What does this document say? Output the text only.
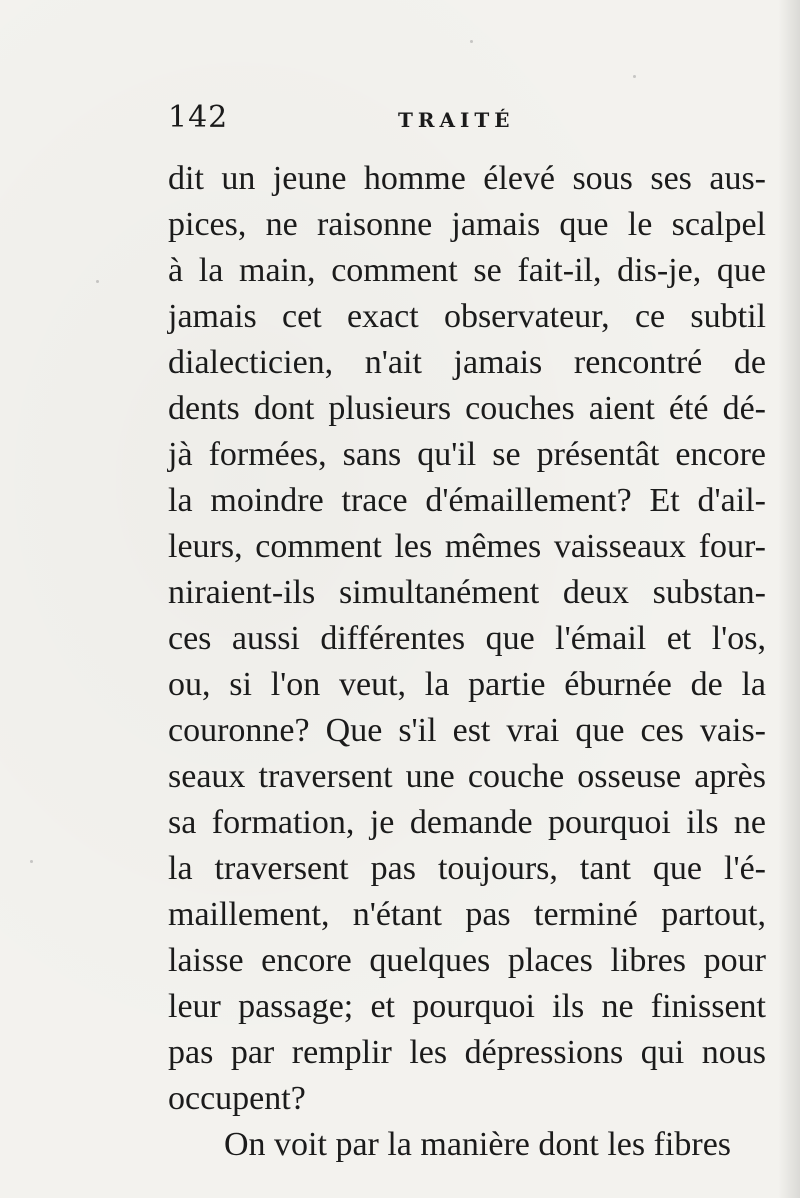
142	TRAITÉ
dit un jeune homme élevé sous ses aus-
pices, ne raisonne jamais que le scalpel
à la main, comment se fait-il, dis-je, que
jamais cet exact observateur, ce subtil
dialecticien, n'ait jamais rencontré de
dents dont plusieurs couches aient été dé-
jà formées, sans qu'il se présentât encore
la moindre trace d'émaillement? Et d'ail-
leurs, comment les mêmes vaisseaux four-
niraient-ils simultanément deux substan-
ces aussi différentes que l'émail et l'os,
ou, si l'on veut, la partie éburnée de la
couronne? Que s'il est vrai que ces vais-
seaux traversent une couche osseuse après
sa formation, je demande pourquoi ils ne
la traversent pas toujours, tant que l'é-
maillement, n'étant pas terminé partout,
laisse encore quelques places libres pour
leur passage; et pourquoi ils ne finissent
pas par remplir les dépressions qui nous
occupent?
On voit par la manière dont les fibres
